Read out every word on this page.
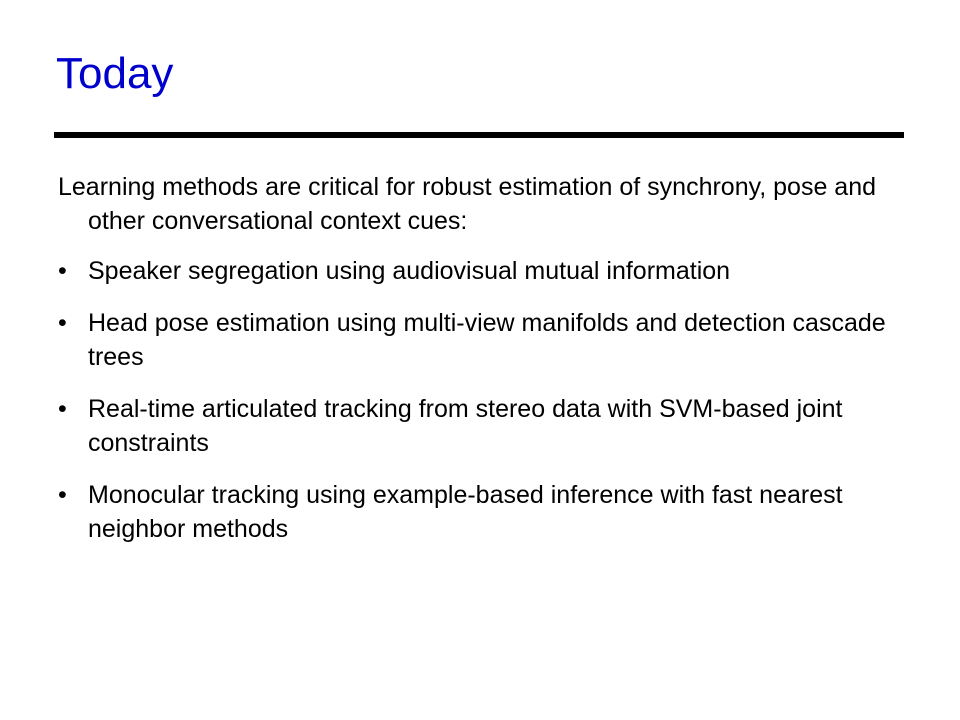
Today

Learning methods are critical for robust estimation of synchrony, pose and other conversational context cues:

• Speaker segregation using audiovisual mutual information
• Head pose estimation using multi-view manifolds and detection cascade trees
• Real-time articulated tracking from stereo data with SVM-based joint constraints
• Monocular tracking using example-based inference with fast nearest neighbor methods
